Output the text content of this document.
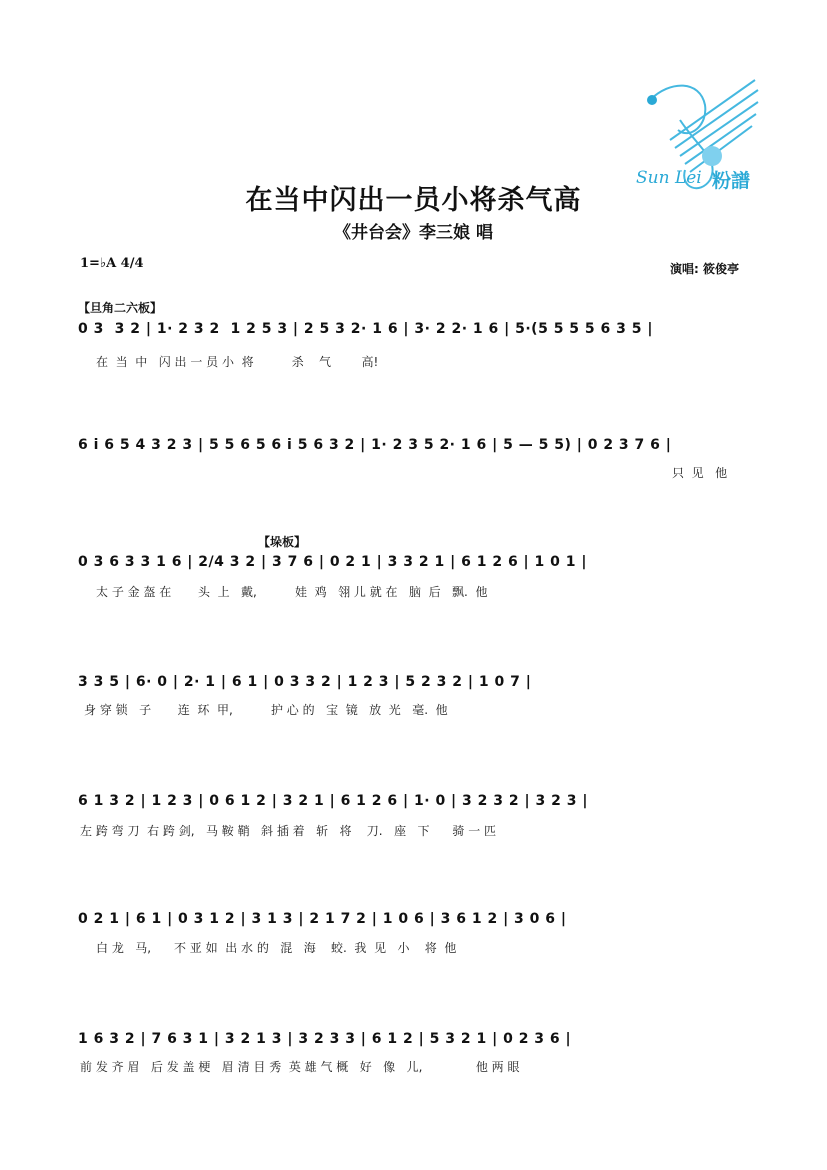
Sun Lei 粉譜
在当中闪出一员小将杀气高
《井台会》李三娘 唱
1=♭A 4/4	演唱: 筱俊亭
【旦角二六板】
【垛板】
0 3  3 2 | 1· 2 3 2  1 2 5 3 | 2 5 3 2· 1 6 | 3· 2 2· 1 6 | 5·(5 5 5 5 6 3 5 |
在  当  中   闪 出 一 员 小  将          杀    气        高!
6 i 6 5 4 3 2 3 | 5 5 6 5 6 i 5 6 3 2 | 1· 2 3 5 2· 1 6 | 5 — 5 5) | 0 2 3 7 6 |
只  见   他
0 3 6 3 3 1 6 | 2/4 3 2 | 3 7 6 | 0 2 1 | 3 3 2 1 | 6 1 2 6 | 1 0 1 |
太 子 金 盔 在       头  上   戴,          娃  鸡   翎 儿 就 在   脑  后   飘.  他
3 3 5 | 6· 0 | 2· 1 | 6 1 | 0 3 3 2 | 1 2 3 | 5 2 3 2 | 1 0 7 |
身 穿 锁   子       连  环  甲,          护 心 的   宝  镜   放  光   毫.  他
6 1 3 2 | 1 2 3 | 0 6 1 2 | 3 2 1 | 6 1 2 6 | 1· 0 | 3 2 3 2 | 3 2 3 |
左 跨 弯 刀  右 跨 剑,   马 鞍 鞘   斜 插 着   斩   将    刀.   座   下      骑 一 匹
0 2 1 | 6 1 | 0 3 1 2 | 3 1 3 | 2 1 7 2 | 1 0 6 | 3 6 1 2 | 3 0 6 |
白 龙   马,      不 亚 如  出 水 的   混   海    蛟.  我  见   小    将  他
1 6 3 2 | 7 6 3 1 | 3 2 1 3 | 3 2 3 3 | 6 1 2 | 5 3 2 1 | 0 2 3 6 |
前 发 齐 眉   后 发 盖 梗   眉 清 目 秀  英 雄 气 概   好   像   儿,              他 两 眼
